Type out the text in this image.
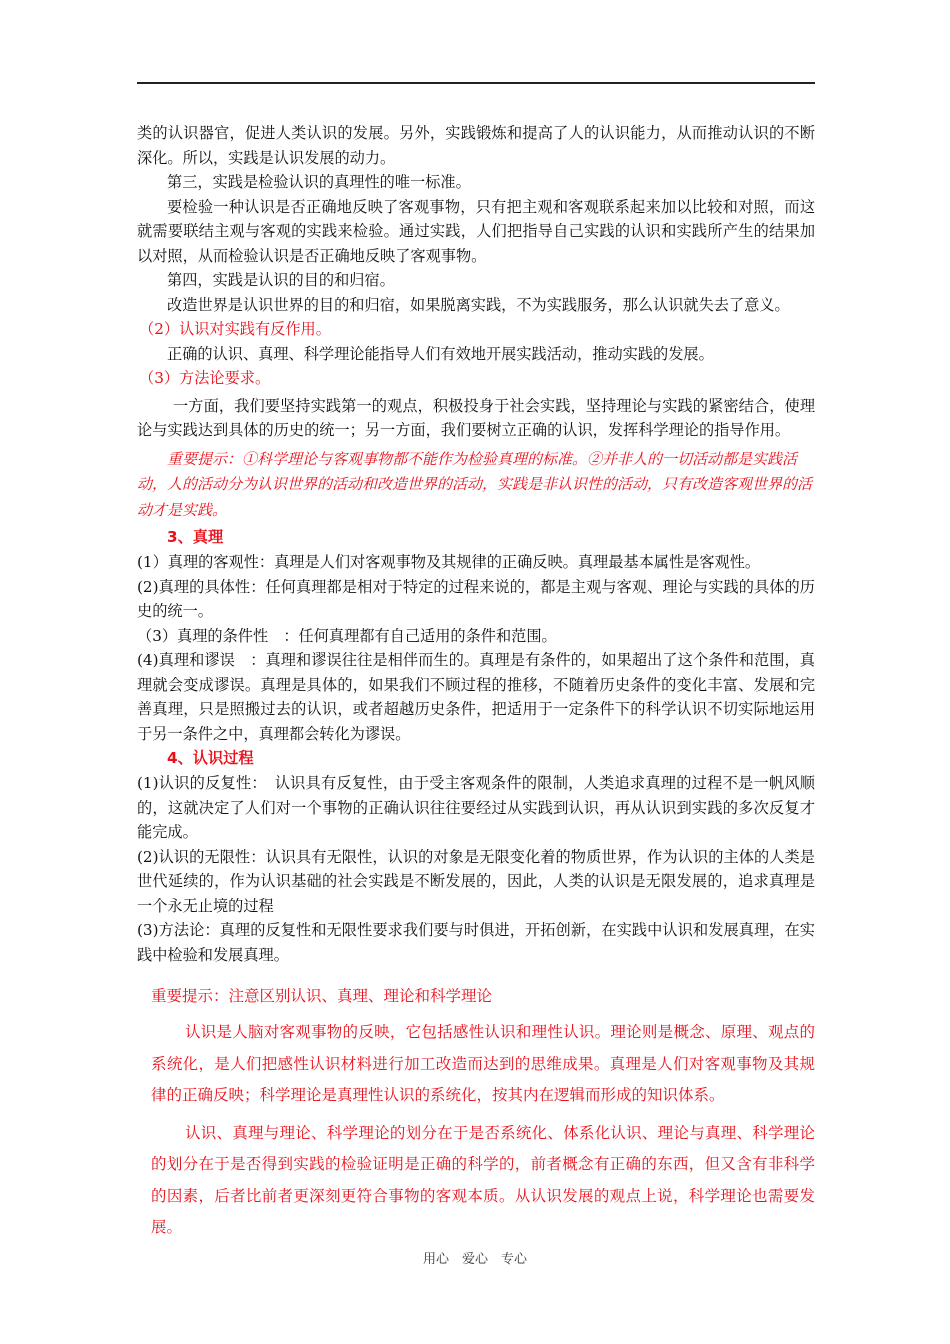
类的认识器官，促进人类认识的发展。另外，实践锻炼和提高了人的认识能力，从而推动认识的不断深化。所以，实践是认识发展的动力。

第三，实践是检验认识的真理性的唯一标准。

要检验一种认识是否正确地反映了客观事物，只有把主观和客观联系起来加以比较和对照，而这就需要联结主观与客观的实践来检验。通过实践，人们把指导自己实践的认识和实践所产生的结果加以对照，从而检验认识是否正确地反映了客观事物。

第四，实践是认识的目的和归宿。

改造世界是认识世界的目的和归宿，如果脱离实践，不为实践服务，那么认识就失去了意义。

（2）认识对实践有反作用。

正确的认识、真理、科学理论能指导人们有效地开展实践活动，推动实践的发展。

（3）方法论要求。

一方面，我们要坚持实践第一的观点，积极投身于社会实践，坚持理论与实践的紧密结合，使理论与实践达到具体的历史的统一；另一方面，我们要树立正确的认识，发挥科学理论的指导作用。

重要提示：①科学理论与客观事物都不能作为检验真理的标准。②并非人的一切活动都是实践活动，人的活动分为认识世界的活动和改造世界的活动，实践是非认识性的活动，只有改造客观世界的活动才是实践。

3、真理

(1）真理的客观性：真理是人们对客观事物及其规律的正确反映。真理最基本属性是客观性。

(2)真理的具体性：任何真理都是相对于特定的过程来说的，都是主观与客观、理论与实践的具体的历史的统一。

（3）真理的条件性　：任何真理都有自己适用的条件和范围。

(4)真理和谬误　：真理和谬误往往是相伴而生的。真理是有条件的，如果超出了这个条件和范围，真理就会变成谬误。真理是具体的，如果我们不顾过程的推移，不随着历史条件的变化丰富、发展和完善真理，只是照搬过去的认识，或者超越历史条件，把适用于一定条件下的科学认识不切实际地运用于另一条件之中，真理都会转化为谬误。

4、认识过程

(1)认识的反复性：　认识具有反复性，由于受主客观条件的限制，人类追求真理的过程不是一帆风顺的，这就决定了人们对一个事物的正确认识往往要经过从实践到认识，再从认识到实践的多次反复才能完成。

(2)认识的无限性：认识具有无限性，认识的对象是无限变化着的物质世界，作为认识的主体的人类是世代延续的，作为认识基础的社会实践是不断发展的，因此，人类的认识是无限发展的，追求真理是一个永无止境的过程

(3)方法论：真理的反复性和无限性要求我们要与时俱进，开拓创新，在实践中认识和发展真理，在实践中检验和发展真理。

重要提示：注意区别认识、真理、理论和科学理论

认识是人脑对客观事物的反映，它包括感性认识和理性认识。理论则是概念、原理、观点的系统化，是人们把感性认识材料进行加工改造而达到的思维成果。真理是人们对客观事物及其规律的正确反映；科学理论是真理性认识的系统化，按其内在逻辑而形成的知识体系。

认识、真理与理论、科学理论的划分在于是否系统化、体系化认识、理论与真理、科学理论的划分在于是否得到实践的检验证明是正确的科学的，前者概念有正确的东西，但又含有非科学的因素，后者比前者更深刻更符合事物的客观本质。从认识发展的观点上说，科学理论也需要发展。

用心　爱心　专心
